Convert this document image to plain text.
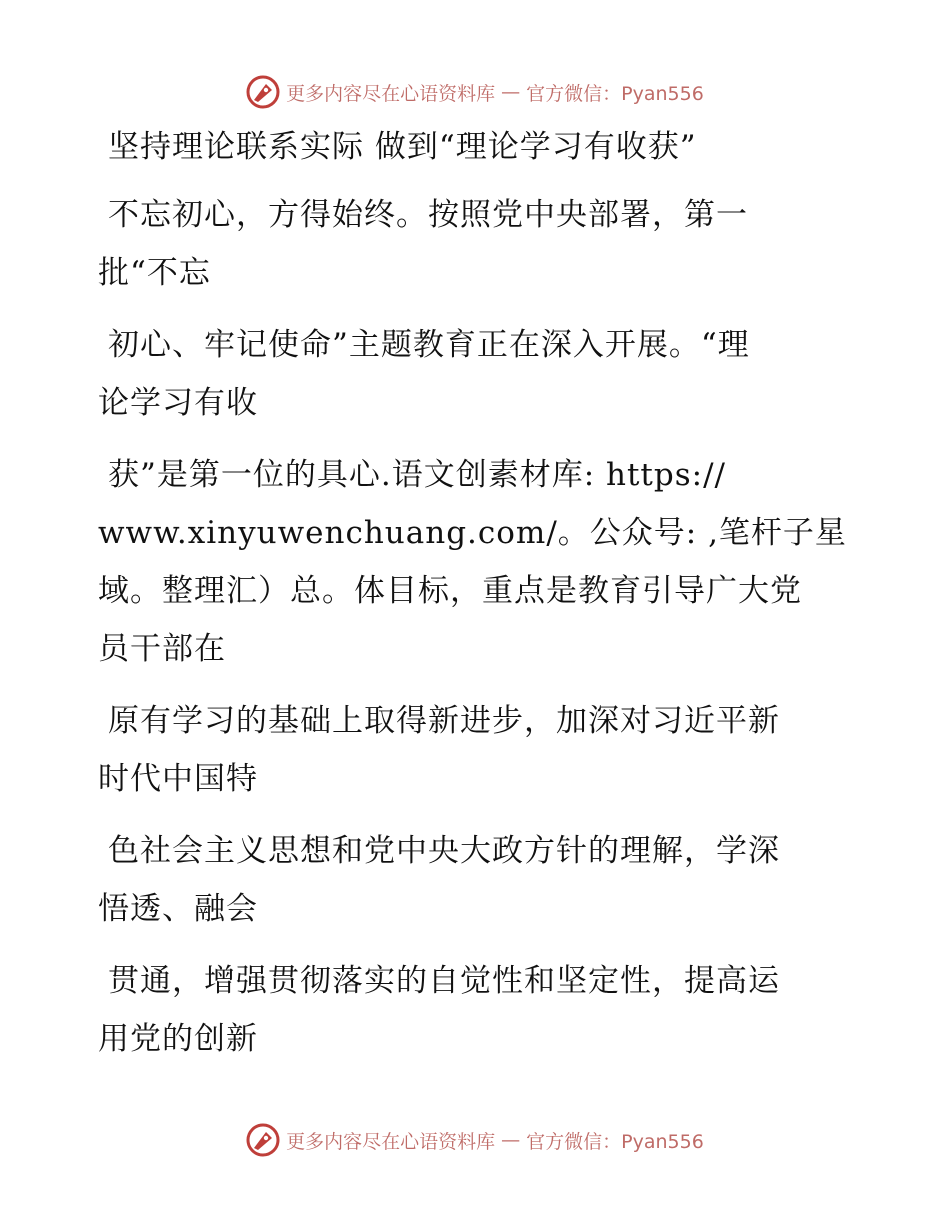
更多内容尽在心语资料库 — 官方微信：Pyan556

坚持理论联系实际 做到“理论学习有收获”

不忘初心，方得始终。按照党中央部署，第一
批“不忘

初心、牢记使命”主题教育正在深入开展。“理
论学习有收

获”是第一位的具心.语文创素材库: https://
www.xinyuwenchuang.com/。公众号: ,笔杆子星
域。整理汇）总。体目标，重点是教育引导广大党
员干部在

原有学习的基础上取得新进步，加深对习近平新
时代中国特

色社会主义思想和党中央大政方针的理解，学深
悟透、融会

贯通，增强贯彻落实的自觉性和坚定性，提高运
用党的创新

更多内容尽在心语资料库 — 官方微信：Pyan556
